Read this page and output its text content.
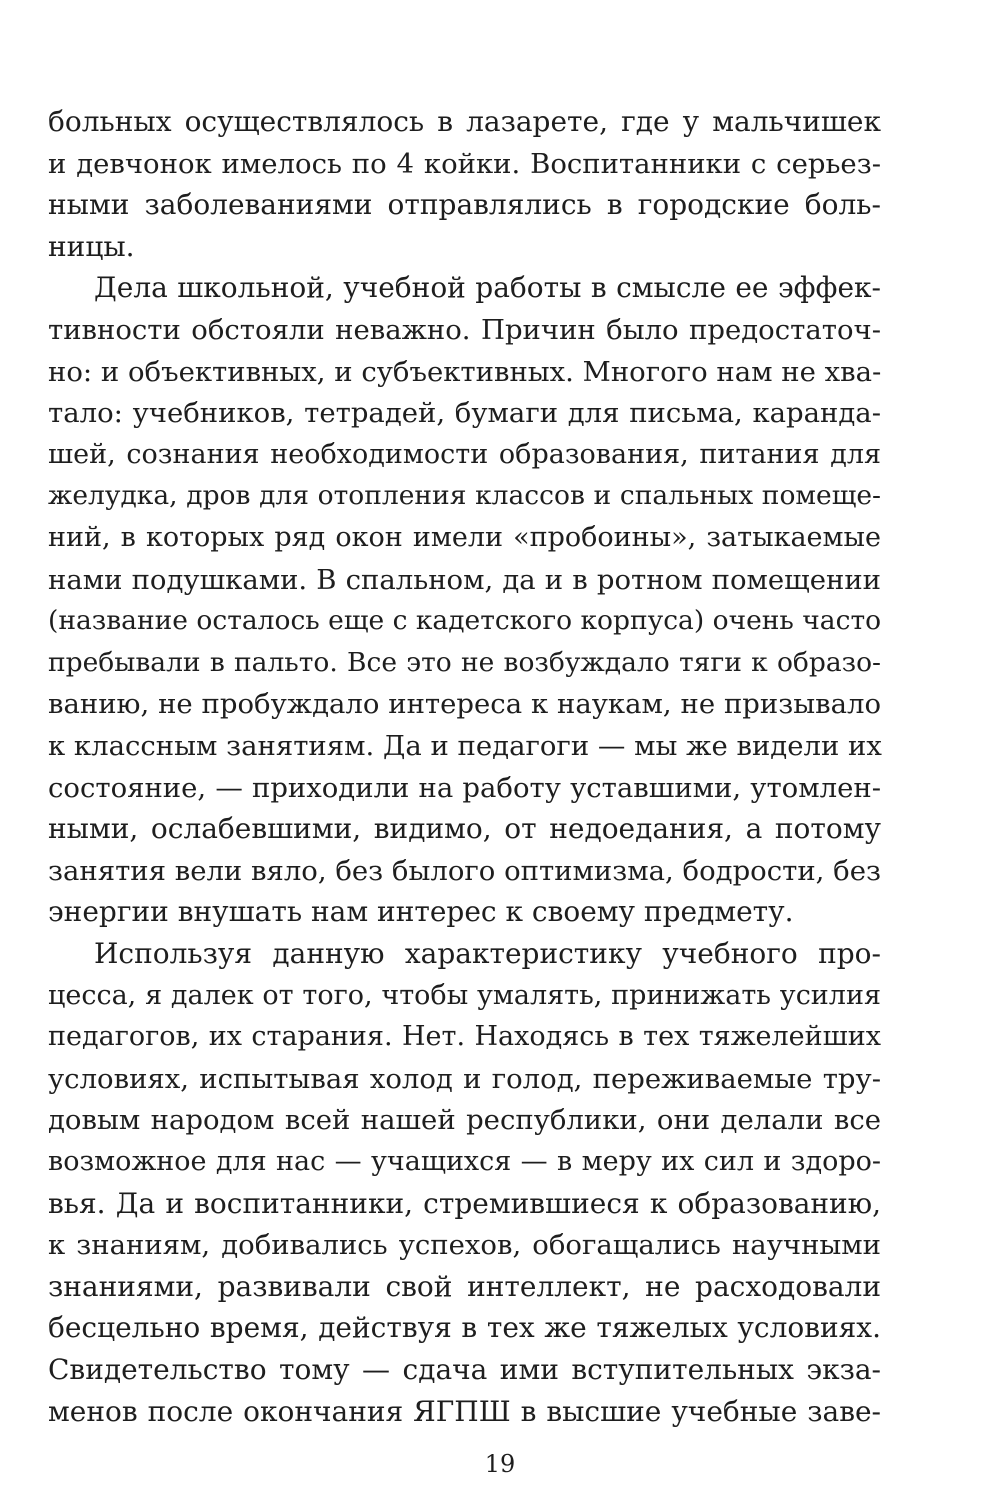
больных осуществлялось в лазарете, где у мальчишек
и девчонок имелось по 4 койки. Воспитанники с серьез-
ными заболеваниями отправлялись в городские боль-
ницы.
Дела школьной, учебной работы в смысле ее эффек-
тивности обстояли неважно. Причин было предостаточ-
но: и объективных, и субъективных. Многого нам не хва-
тало: учебников, тетрадей, бумаги для письма, каранда-
шей, сознания необходимости образования, питания для
желудка, дров для отопления классов и спальных помеще-
ний, в которых ряд окон имели «пробоины», затыкаемые
нами подушками. В спальном, да и в ротном помещении
(название осталось еще с кадетского корпуса) очень часто
пребывали в пальто. Все это не возбуждало тяги к образо-
ванию, не пробуждало интереса к наукам, не призывало
к классным занятиям. Да и педагоги — мы же видели их
состояние, — приходили на работу уставшими, утомлен-
ными, ослабевшими, видимо, от недоедания, а потому
занятия вели вяло, без былого оптимизма, бодрости, без
энергии внушать нам интерес к своему предмету.
Используя данную характеристику учебного про-
цесса, я далек от того, чтобы умалять, принижать усилия
педагогов, их старания. Нет. Находясь в тех тяжелейших
условиях, испытывая холод и голод, переживаемые тру-
довым народом всей нашей республики, они делали все
возможное для нас — учащихся — в меру их сил и здоро-
вья. Да и воспитанники, стремившиеся к образованию,
к знаниям, добивались успехов, обогащались научными
знаниями, развивали свой интеллект, не расходовали
бесцельно время, действуя в тех же тяжелых условиях.
Свидетельство тому — сдача ими вступительных экза-
менов после окончания ЯГПШ в высшие учебные заве-
19
